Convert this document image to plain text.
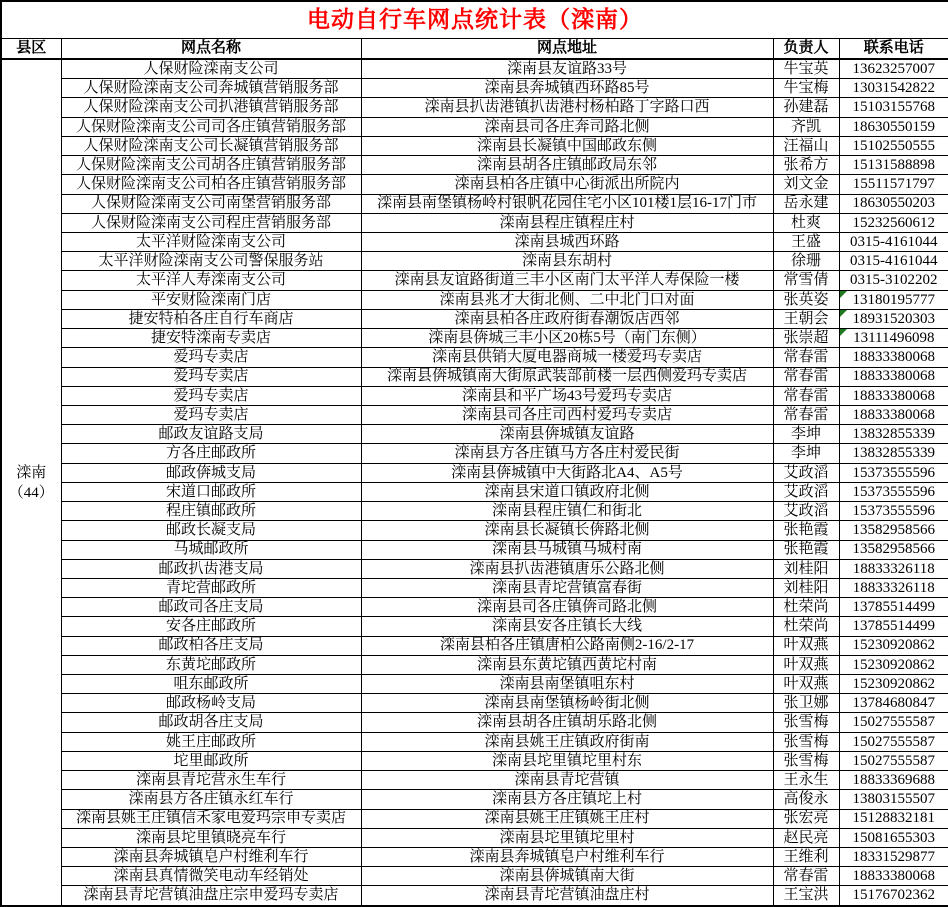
电动自行车网点统计表（滦南）				
县区	网点名称	网点地址	负责人	联系电话

滦南
（44）	人保财险滦南支公司	滦南县友谊路33号	牛宝英	13623257007
	人保财险滦南支公司奔城镇营销服务部	滦南县奔城镇西环路85号	牛宝梅	13031542822
	人保财险滦南支公司扒港镇营销服务部	滦南县扒齿港镇扒齿港村杨柏路丁字路口西	孙建磊	15103155768
	人保财险滦南支公司司各庄镇营销服务部	滦南县司各庄奔司路北侧	齐凯	18630550159
	人保财险滦南支公司长凝镇营销服务部	滦南县长凝镇中国邮政东侧	汪福山	15102550555
	人保财险滦南支公司胡各庄镇营销服务部	滦南县胡各庄镇邮政局东邻	张希方	15131588898
	人保财险滦南支公司柏各庄镇营销服务部	滦南县柏各庄镇中心街派出所院内	刘文金	15511571797
	人保财险滦南支公司南堡营销服务部	滦南县南堡镇杨岭村银帆花园住宅小区101楼1层16-17门市	岳永建	18630550203
	人保财险滦南支公司程庄营销服务部	滦南县程庄镇程庄村	杜爽	15232560612
	太平洋财险滦南支公司	滦南县城西环路	王盛	0315-4161044
	太平洋财险滦南支公司警保服务站	滦南县东胡村	徐珊	0315-4161044
	太平洋人寿滦南支公司	滦南县友谊路街道三丰小区南门太平洋人寿保险一楼	常雪倩	0315-3102202
	平安财险滦南门店	滦南县兆才大街北侧、二中北门口对面	张英姿	13180195777
	捷安特柏各庄自行车商店	滦南县柏各庄政府街春潮饭店西邻	王朝会	18931520303
	捷安特滦南专卖店	滦南县倴城三丰小区20栋5号（南门东侧）	张崇超	13111496098
	爱玛专卖店	滦南县供销大厦电器商城一楼爱玛专卖店	常春雷	18833380068
	爱玛专卖店	滦南县倴城镇南大街原武装部前楼一层西侧爱玛专卖店	常春雷	18833380068
	爱玛专卖店	滦南县和平广场43号爱玛专卖店	常春雷	18833380068
	爱玛专卖店	滦南县司各庄司西村爱玛专卖店	常春雷	18833380068
	邮政友谊路支局	滦南县倴城镇友谊路	李坤	13832855339
	方各庄邮政所	滦南县方各庄镇马方各庄村爱民街	李坤	13832855339
	邮政倴城支局	滦南县倴城镇中大街路北A4、A5号	艾政滔	15373555596
	宋道口邮政所	滦南县宋道口镇政府北侧	艾政滔	15373555596
	程庄镇邮政所	滦南县程庄镇仁和街北	艾政滔	15373555596
	邮政长凝支局	滦南县长凝镇长倴路北侧	张艳霞	13582958566
	马城邮政所	滦南县马城镇马城村南	张艳霞	13582958566
	邮政扒齿港支局	滦南县扒齿港镇唐乐公路北侧	刘桂阳	18833326118
	青坨营邮政所	滦南县青坨营镇富春街	刘桂阳	18833326118
	邮政司各庄支局	滦南县司各庄镇倴司路北侧	杜荣尚	13785514499
	安各庄邮政所	滦南县安各庄镇长大线	杜荣尚	13785514499
	邮政柏各庄支局	滦南县柏各庄镇唐柏公路南侧2-16/2-17	叶双燕	15230920862
	东黄坨邮政所	滦南县东黄坨镇西黄坨村南	叶双燕	15230920862
	咀东邮政所	滦南县南堡镇咀东村	叶双燕	15230920862
	邮政杨岭支局	滦南县南堡镇杨岭街北侧	张卫娜	13784680847
	邮政胡各庄支局	滦南县胡各庄镇胡乐路北侧	张雪梅	15027555587
	姚王庄邮政所	滦南县姚王庄镇政府街南	张雪梅	15027555587
	坨里邮政所	滦南县坨里镇坨里村东	张雪梅	15027555587
	滦南县青坨营永生车行	滦南县青坨营镇	王永生	18833369688
	滦南县方各庄镇永红车行	滦南县方各庄镇坨上村	高俊永	13803155507
	滦南县姚王庄镇信禾家电爱玛宗申专卖店	滦南县姚王庄镇姚王庄村	张宏亮	15128832181
	滦南县坨里镇晓亮车行	滦南县坨里镇坨里村	赵民亮	15081655303
	滦南县奔城镇皂户村维利车行	滦南县奔城镇皂户村维利车行	王维利	18331529877
	滦南县真情微笑电动车经销处	滦南县倴城镇南大街	常春雷	18833380068
	滦南县青坨营镇油盘庄宗申爱玛专卖店	滦南县青坨营镇油盘庄村	王宝洪	15176702362
